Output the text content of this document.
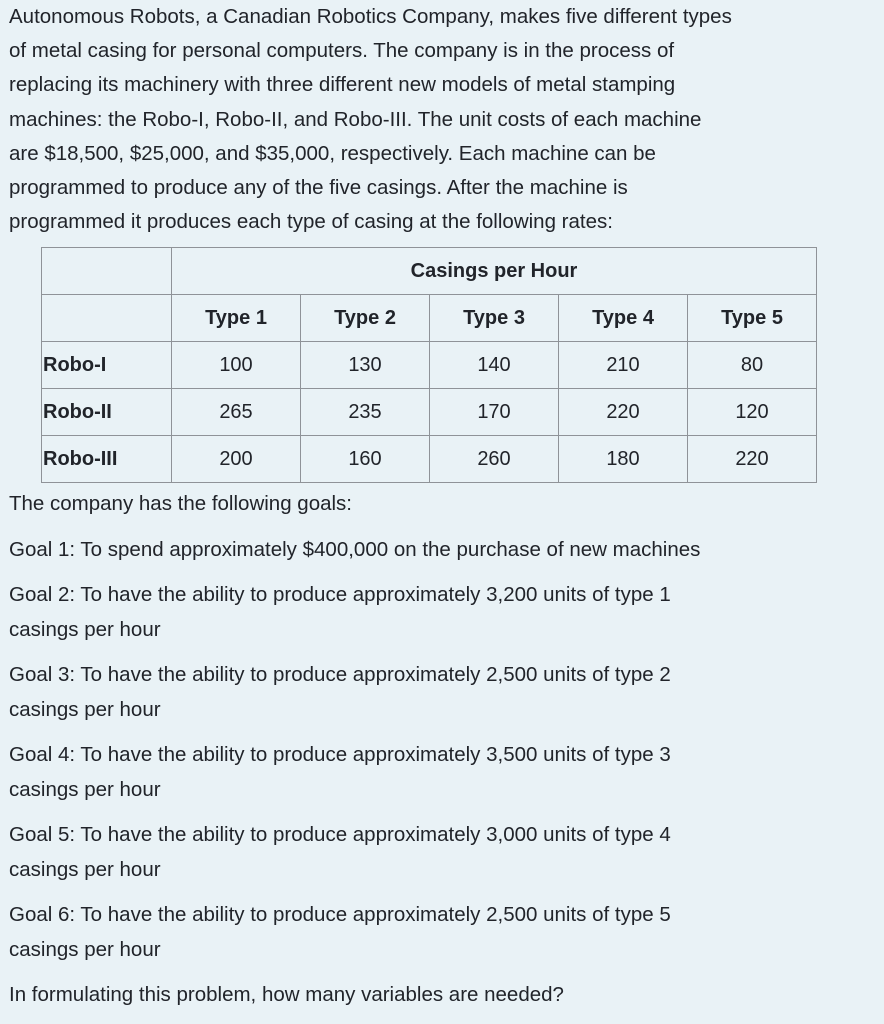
Autonomous Robots, a Canadian Robotics Company, makes five different types
of metal casing for personal computers. The company is in the process of
replacing its machinery with three different new models of metal stamping
machines: the Robo-I, Robo-II, and Robo-III. The unit costs of each machine
are $18,500, $25,000, and $35,000, respectively. Each machine can be
programmed to produce any of the five casings. After the machine is
programmed it produces each type of casing at the following rates:

	Casings per Hour				
	Type 1	Type 2	Type 3	Type 4	Type 5
Robo-I	100	130	140	210	80
Robo-II	265	235	170	220	120
Robo-III	200	160	260	180	220

The company has the following goals:

Goal 1: To spend approximately $400,000 on the purchase of new machines

Goal 2: To have the ability to produce approximately 3,200 units of type 1
casings per hour

Goal 3: To have the ability to produce approximately 2,500 units of type 2
casings per hour

Goal 4: To have the ability to produce approximately 3,500 units of type 3
casings per hour

Goal 5: To have the ability to produce approximately 3,000 units of type 4
casings per hour

Goal 6: To have the ability to produce approximately 2,500 units of type 5
casings per hour

In formulating this problem, how many variables are needed?
